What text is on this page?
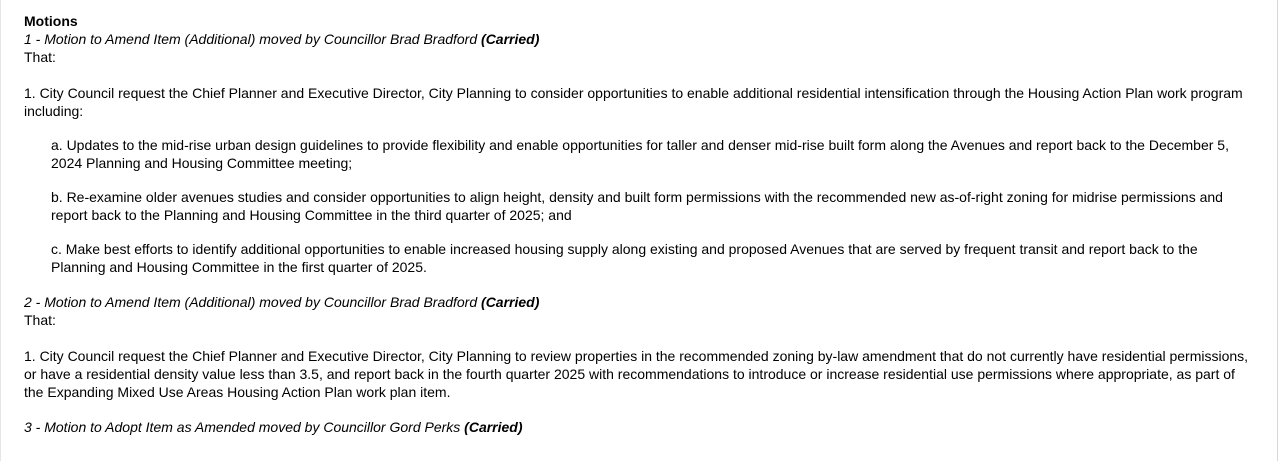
Motions
1 - Motion to Amend Item (Additional) moved by Councillor Brad Bradford (Carried)
That:

1. City Council request the Chief Planner and Executive Director, City Planning to consider opportunities to enable additional residential intensification through the Housing Action Plan work program including:

a. Updates to the mid-rise urban design guidelines to provide flexibility and enable opportunities for taller and denser mid-rise built form along the Avenues and report back to the December 5, 2024 Planning and Housing Committee meeting;

b. Re-examine older avenues studies and consider opportunities to align height, density and built form permissions with the recommended new as-of-right zoning for midrise permissions and report back to the Planning and Housing Committee in the third quarter of 2025; and

c. Make best efforts to identify additional opportunities to enable increased housing supply along existing and proposed Avenues that are served by frequent transit and report back to the Planning and Housing Committee in the first quarter of 2025.

2 - Motion to Amend Item (Additional) moved by Councillor Brad Bradford (Carried)
That:

1. City Council request the Chief Planner and Executive Director, City Planning to review properties in the recommended zoning by-law amendment that do not currently have residential permissions, or have a residential density value less than 3.5, and report back in the fourth quarter 2025 with recommendations to introduce or increase residential use permissions where appropriate, as part of the Expanding Mixed Use Areas Housing Action Plan work plan item.

3 - Motion to Adopt Item as Amended moved by Councillor Gord Perks (Carried)
